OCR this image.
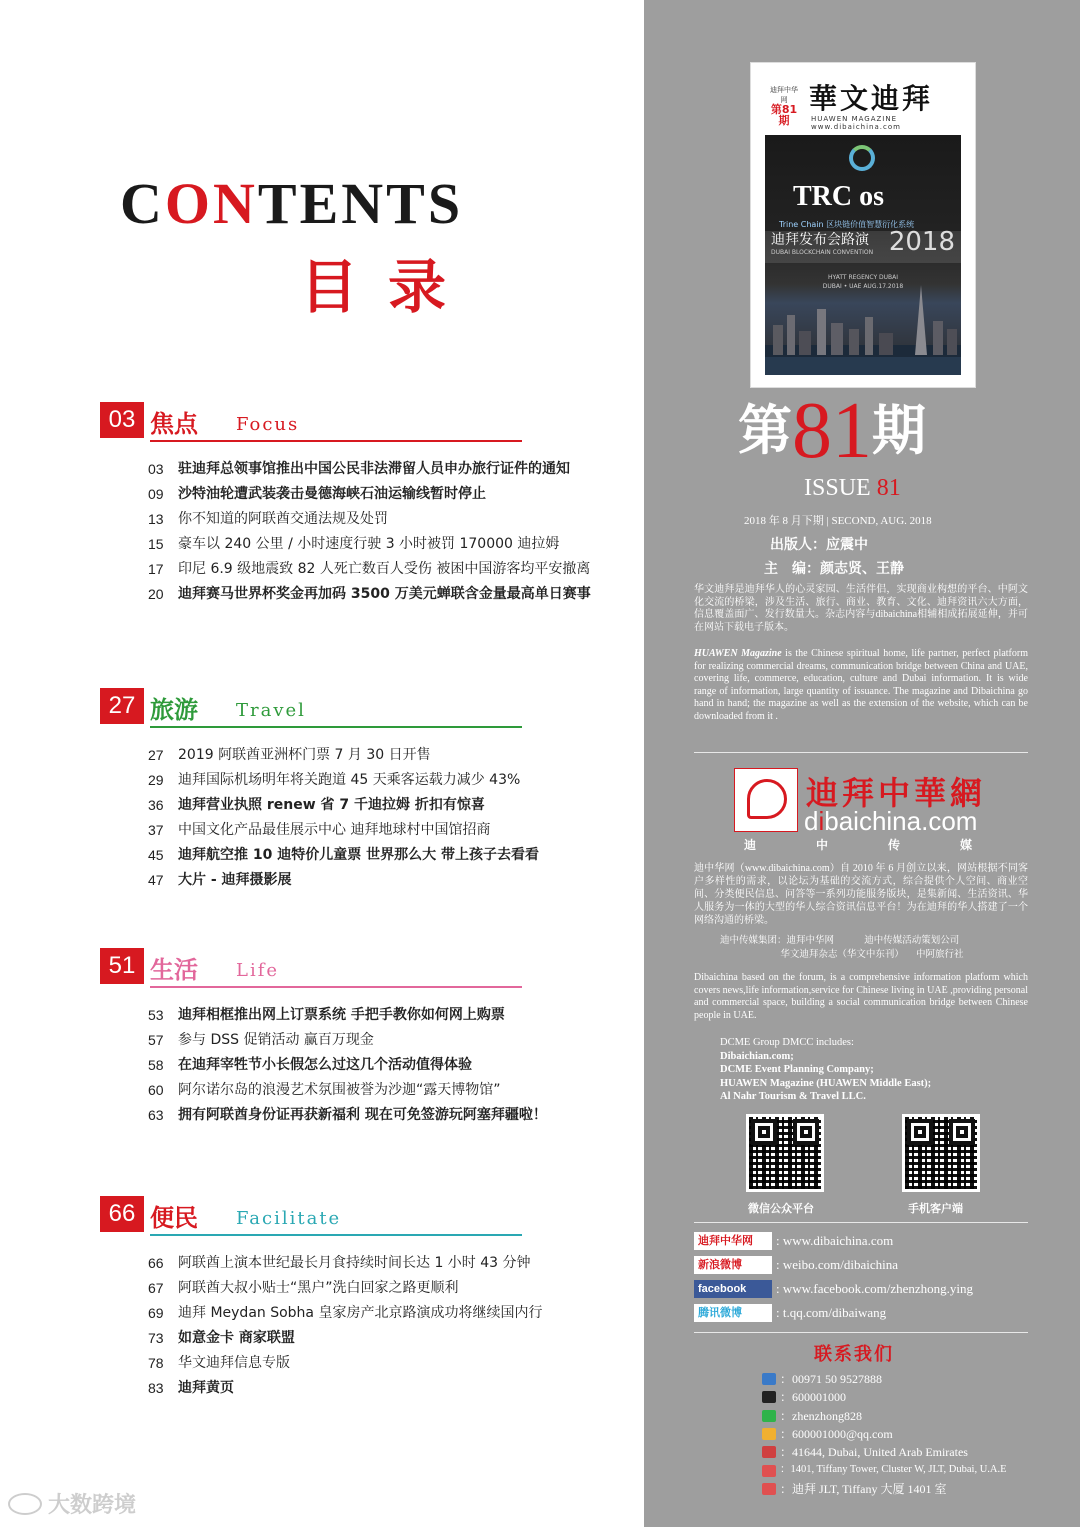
CONTENTS
目录
03 焦点 Focus
03	驻迪拜总领事馆推出中国公民非法滞留人员申办旅行证件的通知
09	沙特油轮遭武装袭击曼德海峡石油运输线暂时停止
13	你不知道的阿联酋交通法规及处罚
15	豪车以 240 公里 / 小时速度行驶 3 小时被罚 170000 迪拉姆
17	印尼 6.9 级地震致 82 人死亡数百人受伤 被困中国游客均平安撤离
20	迪拜赛马世界杯奖金再加码 3500 万美元蝉联含金量最高单日赛事
27 旅游 Travel
27	2019 阿联酋亚洲杯门票 7 月 30 日开售
29	迪拜国际机场明年将关跑道 45 天乘客运载力减少 43%
36	迪拜营业执照 renew 省 7 千迪拉姆 折扣有惊喜
37	中国文化产品最佳展示中心 迪拜地球村中国馆招商
45	迪拜航空推 10 迪特价儿童票 世界那么大 带上孩子去看看
47	大片 - 迪拜摄影展
51 生活 Life
53	迪拜相框推出网上订票系统 手把手教你如何网上购票
57	参与 DSS 促销活动 赢百万现金
58	在迪拜宰牲节小长假怎么过这几个活动值得体验
60	阿尔诺尔岛的浪漫艺术氛围被誉为沙迦“露天博物馆”
63	拥有阿联酋身份证再获新福利 现在可免签游玩阿塞拜疆啦！
66 便民 Facilitate
66	阿联酋上演本世纪最长月食持续时间长达 1 小时 43 分钟
67	阿联酋大叔小贴士“黑户”洗白回家之路更顺利
69	迪拜 Meydan Sobha 皇家房产北京路演成功将继续国内行
73	如意金卡 商家联盟
78	华文迪拜信息专版
83	迪拜黄页
大数跨境
迪拜中华网
第81期
華文迪拜
HUAWEN MAGAZINE www.dibaichina.com
TRC os
Trine Chain 区块链价值智慧衍化系统
迪拜发布会路演
DUBAI BLOCKCHAIN CONVENTION 2018
HYATT REGENCY DUBAI
DUBAI • UAE AUG.17.2018
第81期
ISSUE 81
2018 年 8 月下期 | SECOND, AUG. 2018
出版人：应震中
主　编：颜志贤、王静
华文迪拜是迪拜华人的心灵家园、生活伴侣，实现商业构想的平台、中阿文化交流的桥梁，涉及生活、旅行、商业、教育、文化、迪拜资讯六大方面，信息覆盖面广、发行数量大。杂志内容与dibaichina相辅相成拓展延伸，并可在网站下载电子版本。
HUAWEN Magazine is the Chinese spiritual home, life partner, perfect platform for realizing commercial dreams, communication bridge between China and UAE, covering life, commerce, education, culture and Dubai information. It is wide range of information, large quantity of issuance. The magazine and Dibaichina go hand in hand; the magazine as well as the extension of the website, which can be downloaded from it .
迪拜中華網
dibaichina.com
迪中传媒
迪中华网（www.dibaichina.com）自 2010 年 6 月创立以来，网站根据不同客户多样性的需求，以论坛为基础的交流方式，综合提供个人空间、商业空间、分类便民信息、问答等一系列功能服务版块，是集新闻、生活资讯、华人服务为一体的大型的华人综合资讯信息平台！为在迪拜的华人搭建了一个网络沟通的桥梁。
迪中传媒集团：迪拜中华网          迪中传媒活动策划公司
华文迪拜杂志（华文中东刊）    中阿旅行社
Dibaichina based on the forum, is a comprehensive information platform which covers news,life information,service for Chinese living in UAE ,providing personal and commercial space, building a social communication bridge between Chinese people in UAE.
DCME Group DMCC includes:
Dibaichian.com;
DCME Event Planning Company;
HUAWEN Magazine (HUAWEN Middle East);
Al Nahr Tourism & Travel LLC.
微信公众平台	手机客户端
迪拜中华网	: www.dibaichina.com
新浪微博	: weibo.com/dibaichina
facebook	: www.facebook.com/zhenzhong.ying
腾讯微博	: t.qq.com/dibaiwang
联系我们
：00971 50 9527888
：600001000
：zhenzhong828
：600001000@qq.com
：41644, Dubai, United Arab Emirates
：1401, Tiffany Tower, Cluster W, JLT, Dubai, U.A.E
：迪拜 JLT, Tiffany 大厦 1401 室
